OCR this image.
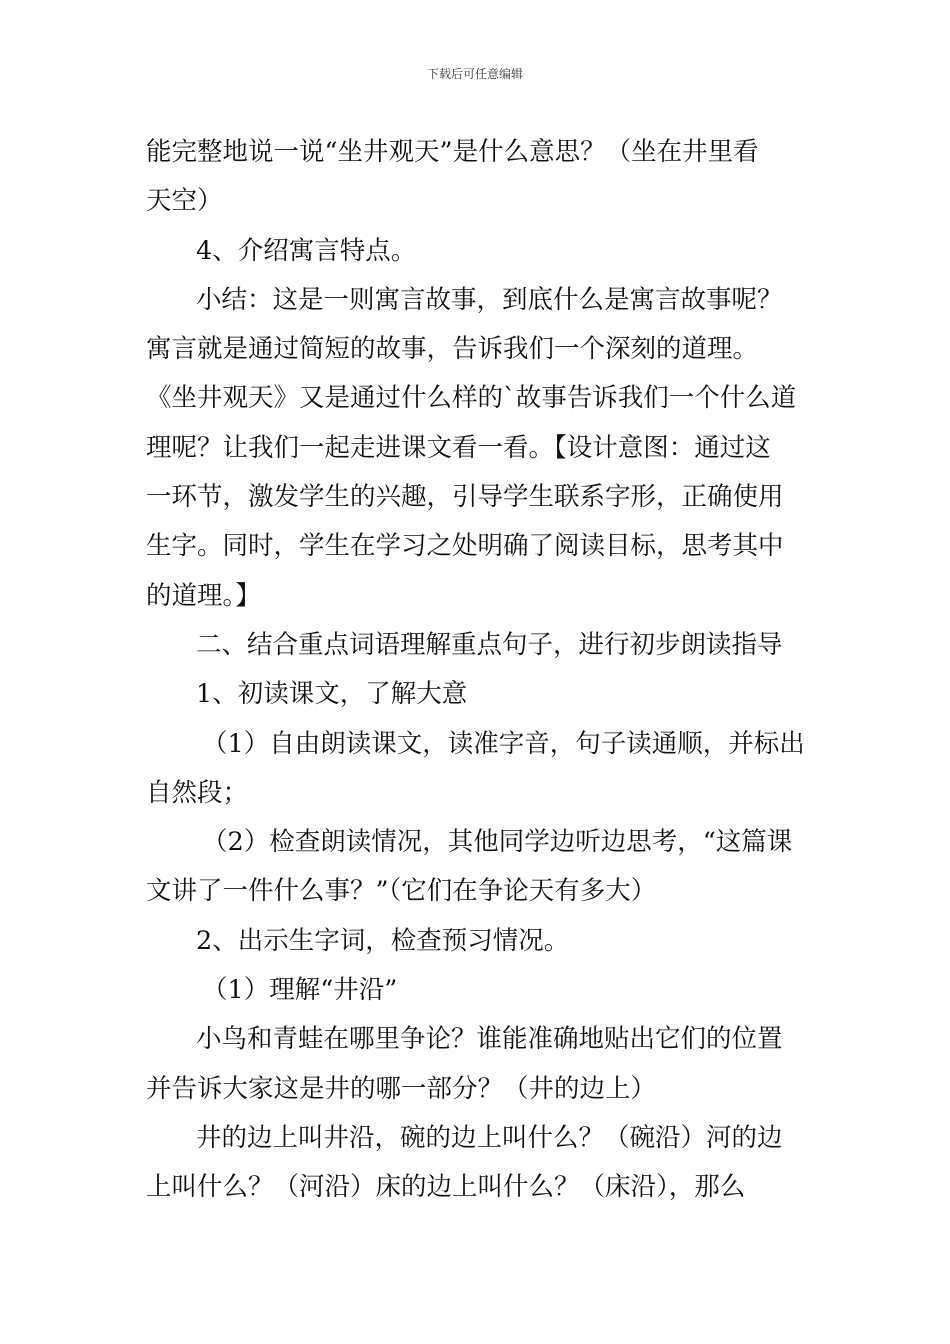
下载后可任意编辑
能完整地说一说“坐井观天”是什么意思？（坐在井里看
天空）
4、介绍寓言特点。
小结：这是一则寓言故事，到底什么是寓言故事呢？
寓言就是通过简短的故事，告诉我们一个深刻的道理。
《坐井观天》又是通过什么样的`故事告诉我们一个什么道
理呢？让我们一起走进课文看一看。【设计意图：通过这
一环节，激发学生的兴趣，引导学生联系字形，正确使用
生字。同时，学生在学习之处明确了阅读目标，思考其中
的道理。】
二、结合重点词语理解重点句子，进行初步朗读指导
1、初读课文，了解大意
（1）自由朗读课文，读准字音，句子读通顺，并标出
自然段；
（2）检查朗读情况，其他同学边听边思考，“这篇课
文讲了一件什么事？”（它们在争论天有多大）
2、出示生字词，检查预习情况。
（1）理解“井沿”
小鸟和青蛙在哪里争论？谁能准确地贴出它们的位置
并告诉大家这是井的哪一部分？（井的边上）
井的边上叫井沿，碗的边上叫什么？（碗沿）河的边
上叫什么？（河沿）床的边上叫什么？（床沿），那么
